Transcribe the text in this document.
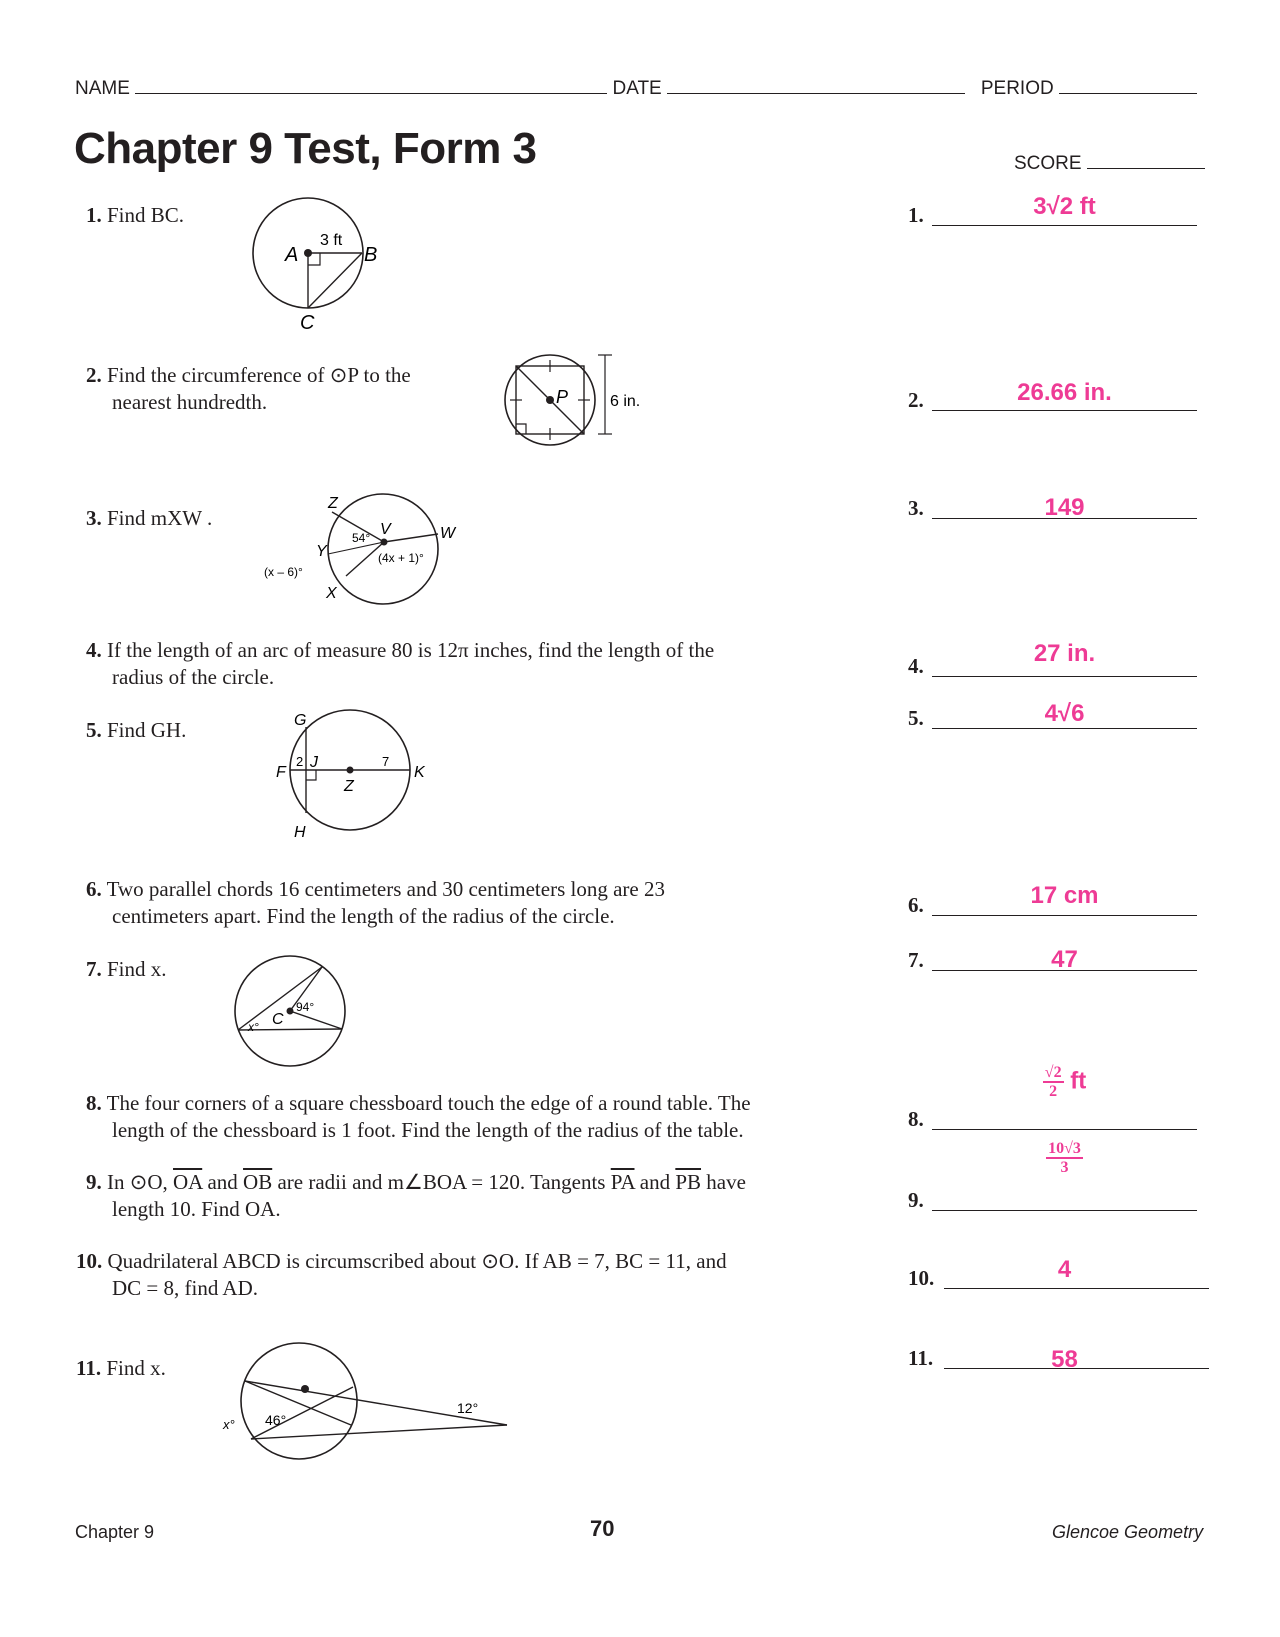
NAME	DATE	PERIOD
Chapter 9 Test, Form 3	SCORE
1. Find BC.
2. Find the circumference of ⊙P to the

nearest hundredth.
3. Find mXW .
4. If the length of an arc of measure 80 is 12π inches, find the length of the

radius of the circle.
5. Find GH.
6. Two parallel chords 16 centimeters and 30 centimeters long are 23

centimeters apart. Find the length of the radius of the circle.
7. Find x.
8. The four corners of a square chessboard touch the edge of a round table. The

length of the chessboard is 1 foot. Find the length of the radius of the table.
9. In ⊙O, $\overline{OA}$ and $\overline{OB}$ are radii and m∠BOA = 120. Tangents $\overline{PA}$ and $\overline{PB}$ have

length 10. Find OA.
10. Quadrilateral ABCD is circumscribed about ⊙O. If AB = 7, BC = 11, and

DC = 8, find AD.
11. Find x.
A	B
C
3 ft
P	6 in.
Z
V	W
Y
X
54°
(4x + 1)°
(x – 6)°
G
F
J
K
Z
H
2	7
C
x°
94°
x° 46°
12°
1.	3√2 ft
2.	26.66 in.
3.	149
4.	27 in.
5.	4√6
6.	17 cm
7.	47
8.
$\frac{√2}{2}$ ft
9.
$\frac{10√3}{3}$
10.	4
11.	58
Chapter 9	70	Glencoe Geometry
